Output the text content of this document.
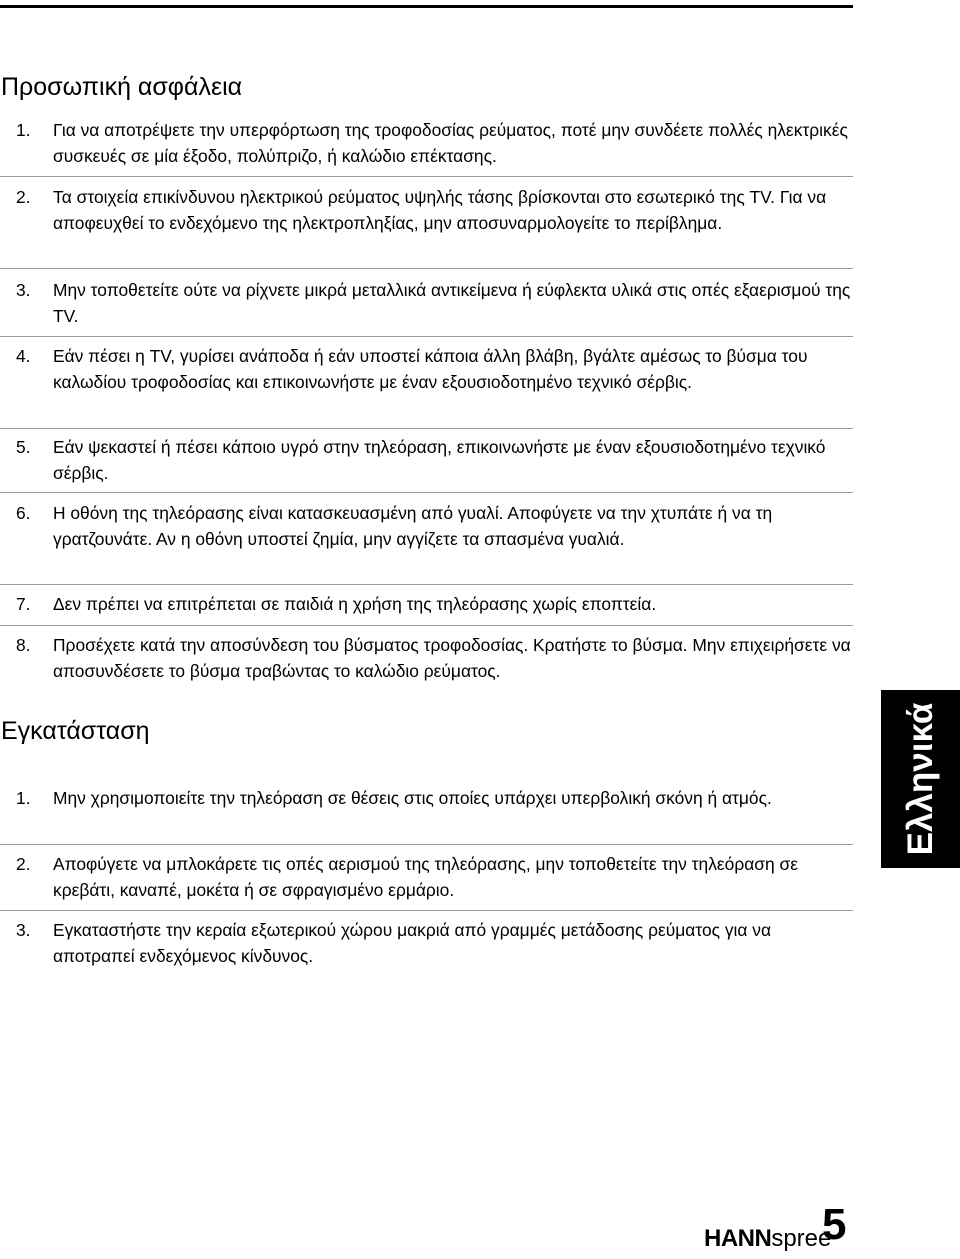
Προσωπική ασφάλεια
1. Για να αποτρέψετε την υπερφόρτωση της τροφοδοσίας ρεύματος, ποτέ μην συνδέετε πολλές ηλεκτρικές συσκευές σε μία έξοδο, πολύπριζο, ή καλώδιο επέκτασης.
2. Τα στοιχεία επικίνδυνου ηλεκτρικού ρεύματος υψηλής τάσης βρίσκονται στο εσωτερικό της TV. Για να αποφευχθεί το ενδεχόμενο της ηλεκτροπληξίας, μην αποσυναρμολογείτε το περίβλημα.
3. Μην τοποθετείτε ούτε να ρίχνετε μικρά μεταλλικά αντικείμενα ή εύφλεκτα υλικά στις οπές εξαερισμού της TV.
4. Εάν πέσει η TV, γυρίσει ανάποδα ή εάν υποστεί κάποια άλλη βλάβη, βγάλτε αμέσως το βύσμα του καλωδίου τροφοδοσίας και επικοινωνήστε με έναν εξουσιοδοτημένο τεχνικό σέρβις.
5. Εάν ψεκαστεί ή πέσει κάποιο υγρό στην τηλεόραση, επικοινωνήστε με έναν εξουσιοδοτημένο τεχνικό σέρβις.
6. Η οθόνη της τηλεόρασης είναι κατασκευασμένη από γυαλί. Αποφύγετε να την χτυπάτε ή να τη γρατζουνάτε. Αν η οθόνη υποστεί ζημία, μην αγγίζετε τα σπασμένα γυαλιά.
7. Δεν πρέπει να επιτρέπεται σε παιδιά η χρήση της τηλεόρασης χωρίς εποπτεία.
8. Προσέχετε κατά την αποσύνδεση του βύσματος τροφοδοσίας. Κρατήστε το βύσμα. Μην επιχειρήσετε να αποσυνδέσετε το βύσμα τραβώντας το καλώδιο ρεύματος.
Εγκατάσταση
1. Μην χρησιμοποιείτε την τηλεόραση σε θέσεις στις οποίες υπάρχει υπερβολική σκόνη ή ατμός.
2. Αποφύγετε να μπλοκάρετε τις οπές αερισμού της τηλεόρασης, μην τοποθετείτε την τηλεόραση σε κρεβάτι, καναπέ, μοκέτα ή σε σφραγισμένο ερμάριο.
3. Εγκαταστήστε την κεραία εξωτερικού χώρου μακριά από γραμμές μετάδοσης ρεύματος για να αποτραπεί ενδεχόμενος κίνδυνος.
Ελληνικά
HANNspree
5
